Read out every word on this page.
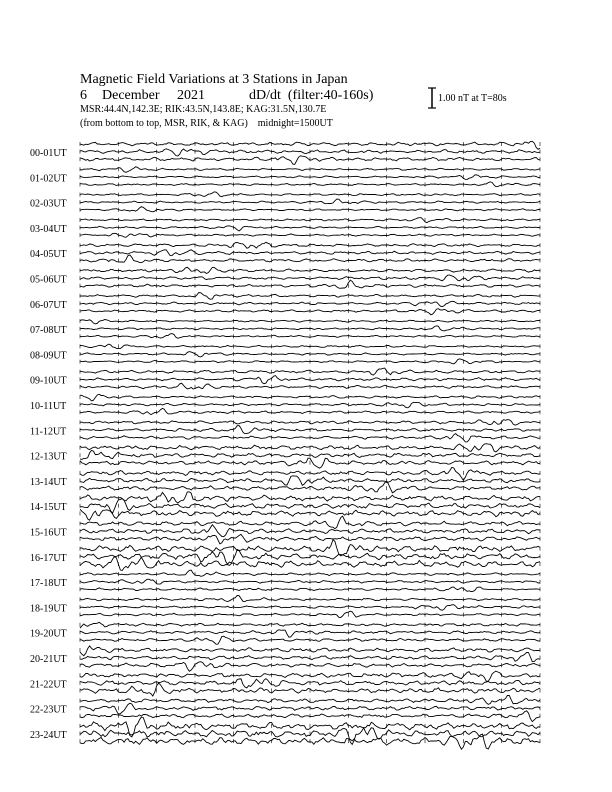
Magnetic Field Variations at 3 Stations in Japan
6 December 2021	dD/dt (filter:40-160s)
MSR:44.4N,142.3E; RIK:43.5N,143.8E; KAG:31.5N,130.7E
(from bottom to top, MSR, RIK, & KAG) midnight=1500UT
1.00 nT at T=80s
00-01UT
01-02UT
02-03UT
03-04UT
04-05UT
05-06UT
06-07UT
07-08UT
08-09UT
09-10UT
10-11UT
11-12UT
12-13UT
13-14UT
14-15UT
15-16UT
16-17UT
17-18UT
18-19UT
19-20UT
20-21UT
21-22UT
22-23UT
23-24UT
